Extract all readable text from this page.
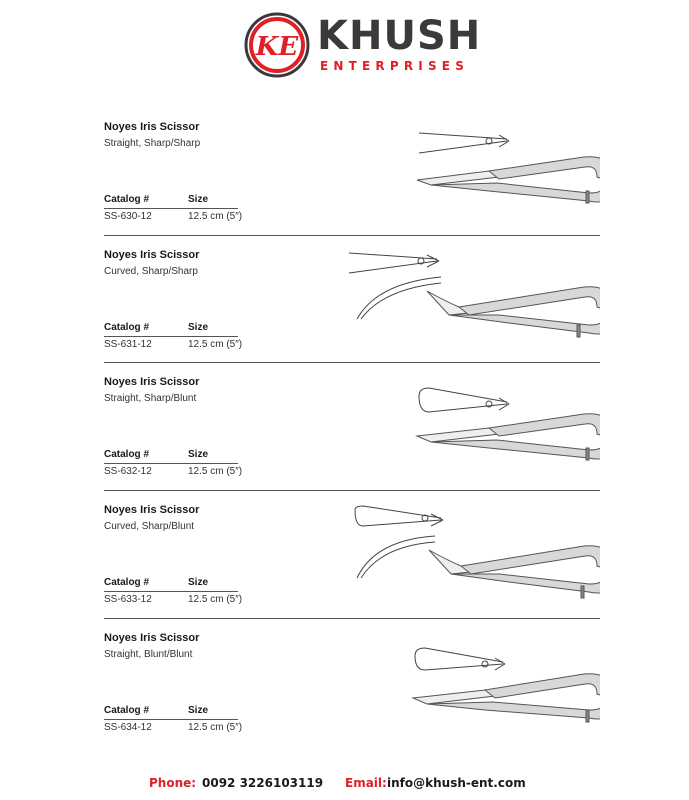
KE KHUSH
ENTERPRISES
Noyes Iris Scissor
Straight, Sharp/Sharp
Catalog #	Size
SS-630-12	12.5 cm (5″)
Noyes Iris Scissor
Curved, Sharp/Sharp
Catalog #	Size
SS-631-12	12.5 cm (5″)
Noyes Iris Scissor
Straight, Sharp/Blunt
Catalog #	Size
SS-632-12	12.5 cm (5″)
Noyes Iris Scissor
Curved, Sharp/Blunt
Catalog #	Size
SS-633-12	12.5 cm (5″)
Noyes Iris Scissor
Straight, Blunt/Blunt
Catalog #	Size
SS-634-12	12.5 cm (5″)
Phone: 0092 3226103119 Email: info@khush-ent.com
